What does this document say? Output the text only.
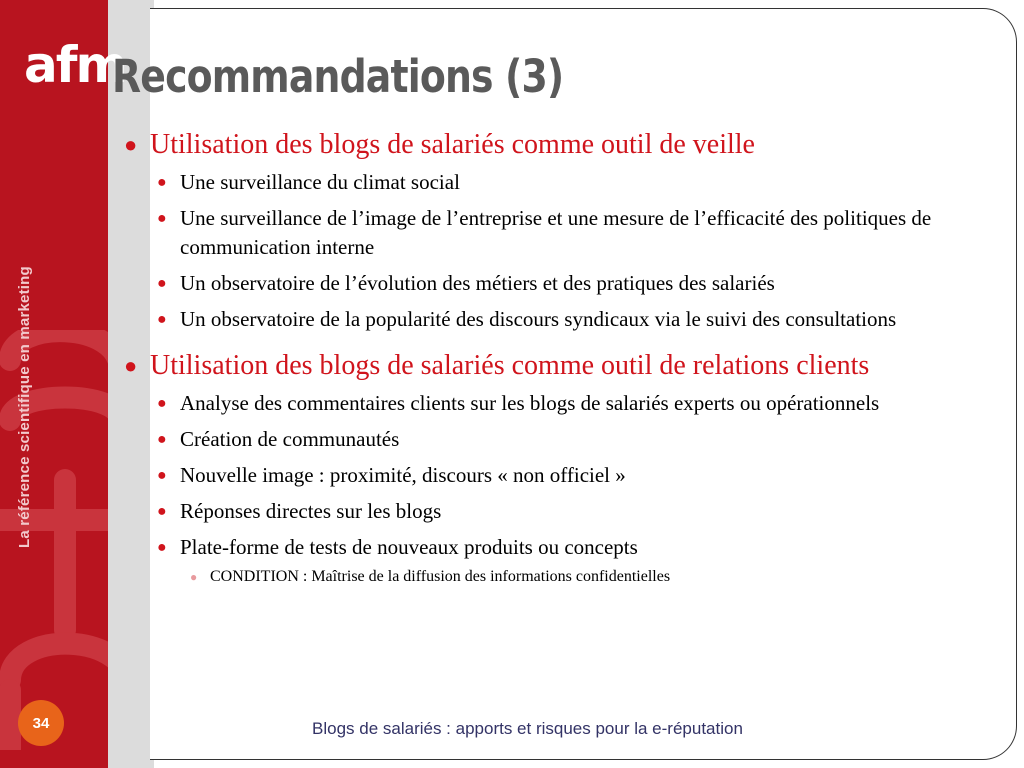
La référence scientifique en marketing
afm
Recommandations (3)
● Utilisation des blogs de salariés comme outil de veille
● Une surveillance du climat social
● Une surveillance de l’image de l’entreprise et une mesure de l’efficacité des politiques de communication interne
● Un observatoire de l’évolution des métiers et des pratiques des salariés
● Un observatoire de la popularité des discours syndicaux via le suivi des consultations
● Utilisation des blogs de salariés comme outil de relations clients
● Analyse des commentaires clients sur les blogs de salariés experts ou opérationnels
● Création de communautés
● Nouvelle image : proximité, discours « non officiel »
● Réponses directes sur les blogs
● Plate-forme de tests de nouveaux produits ou concepts
● CONDITION : Maîtrise de la diffusion des informations confidentielles
34	Blogs de salariés : apports et risques pour la e-réputation
